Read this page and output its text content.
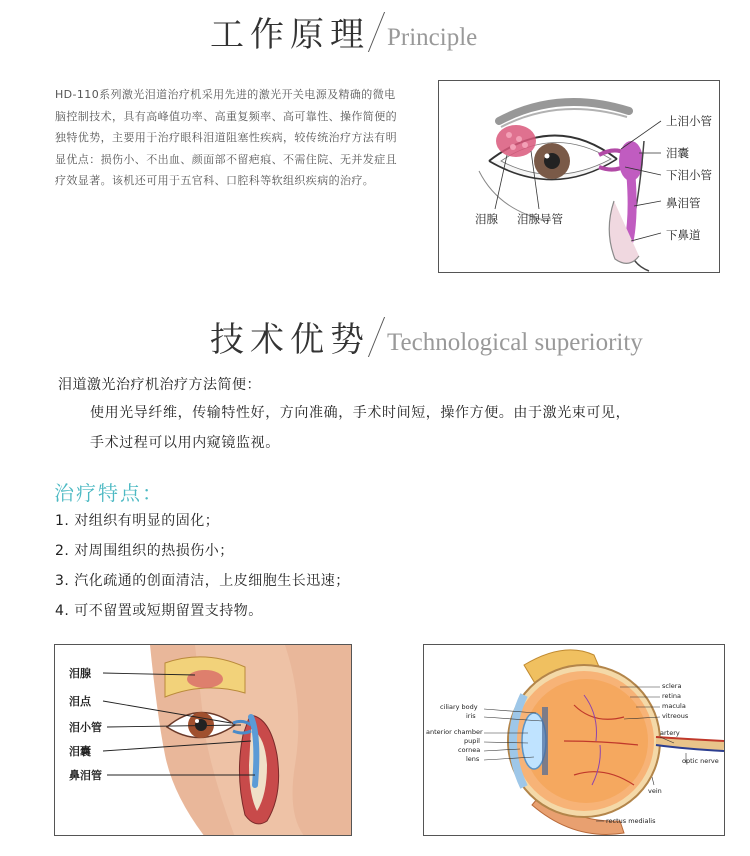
工作原理 Principle

HD-110系列激光泪道治疗机采用先进的激光开关电源及精确的微电脑控制技术，具有高峰值功率、高重复频率、高可靠性、操作简便的独特优势，主要用于治疗眼科泪道阻塞性疾病，较传统治疗方法有明显优点：损伤小、不出血、颜面部不留疤痕、不需住院、无并发症且疗效显著。该机还可用于五官科、口腔科等软组织疾病的治疗。

上泪小管
泪囊
下泪小管
鼻泪管
下鼻道
泪腺 泪腺导管
技术优势 Technological superiority

泪道激光治疗机治疗方法简便：

使用光导纤维，传输特性好，方向准确，手术时间短，操作方便。由于激光束可见，

手术过程可以用内窥镜监视。

治疗特点：
1. 对组织有明显的固化；
2. 对周围组织的热损伤小；
3. 汽化疏通的创面清洁，上皮细胞生长迅速；
4. 可不留置或短期留置支持物。
泪腺
泪点
泪小管
泪囊
鼻泪管
ciliary body
iris
anterior chamber
pupil
cornea
lens
sclera
retina
macula
vitreous
artery
optic nerve
vein
rectus medialis
